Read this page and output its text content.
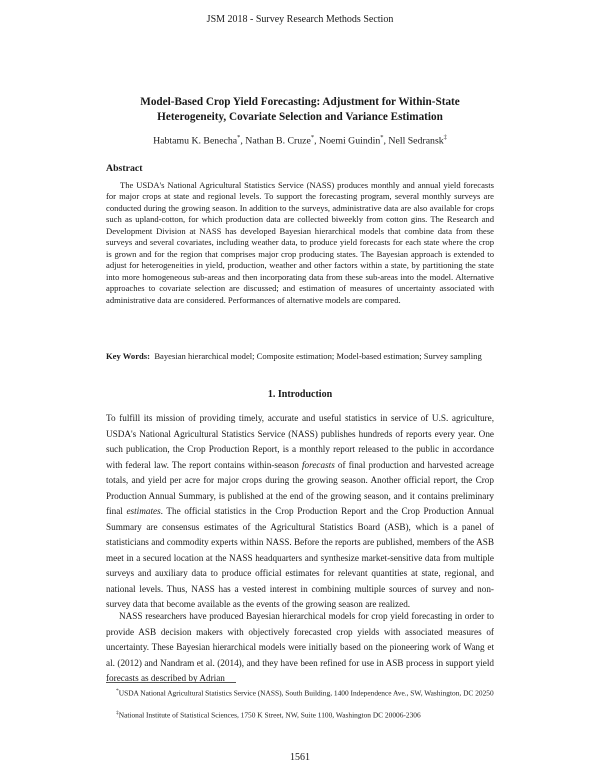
JSM 2018 - Survey Research Methods Section
Model-Based Crop Yield Forecasting: Adjustment for Within-State
Heterogeneity, Covariate Selection and Variance Estimation
Habtamu K. Benecha*, Nathan B. Cruze*, Noemi Guindin*, Nell Sedransk‡
Abstract

The USDA's National Agricultural Statistics Service (NASS) produces monthly and annual yield forecasts for major crops at state and regional levels. To support the forecasting program, several monthly surveys are conducted during the growing season. In addition to the surveys, administrative data are also available for crops such as upland-cotton, for which production data are collected biweekly from cotton gins. The Research and Development Division at NASS has developed Bayesian hierarchical models that combine data from these surveys and several covariates, including weather data, to produce yield forecasts for each state where the crop is grown and for the region that comprises major crop producing states. The Bayesian approach is extended to adjust for heterogeneities in yield, production, weather and other factors within a state, by partitioning the state into more homogeneous sub-areas and then incorporating data from these sub-areas into the model. Alternative approaches to covariate selection are discussed; and estimation of measures of uncertainty associated with administrative data are considered. Performances of alternative models are compared.

Key Words: Bayesian hierarchical model; Composite estimation; Model-based estimation; Survey sampling

1. Introduction

To fulfill its mission of providing timely, accurate and useful statistics in service of U.S. agriculture, USDA's National Agricultural Statistics Service (NASS) publishes hundreds of reports every year. One such publication, the Crop Production Report, is a monthly report released to the public in accordance with federal law. The report contains within-season forecasts of final production and harvested acreage totals, and yield per acre for major crops during the growing season. Another official report, the Crop Production Annual Summary, is published at the end of the growing season, and it contains preliminary final estimates. The official statistics in the Crop Production Report and the Crop Production Annual Summary are consensus estimates of the Agricultural Statistics Board (ASB), which is a panel of statisticians and commodity experts within NASS. Before the reports are published, members of the ASB meet in a secured location at the NASS headquarters and synthesize market-sensitive data from multiple surveys and auxiliary data to produce official estimates for relevant quantities at state, regional, and national levels. Thus, NASS has a vested interest in combining multiple sources of survey and non-survey data that become available as the events of the growing season are realized.

NASS researchers have produced Bayesian hierarchical models for crop yield forecasting in order to provide ASB decision makers with objectively forecasted crop yields with associated measures of uncertainty. These Bayesian hierarchical models were initially based on the pioneering work of Wang et al. (2012) and Nandram et al. (2014), and they have been refined for use in ASB process in support yield forecasts as described by Adrian

*USDA National Agricultural Statistics Service (NASS), South Building, 1400 Independence Ave., SW, Washington, DC 20250

‡National Institute of Statistical Sciences, 1750 K Street, NW, Suite 1100, Washington DC 20006-2306

1561
